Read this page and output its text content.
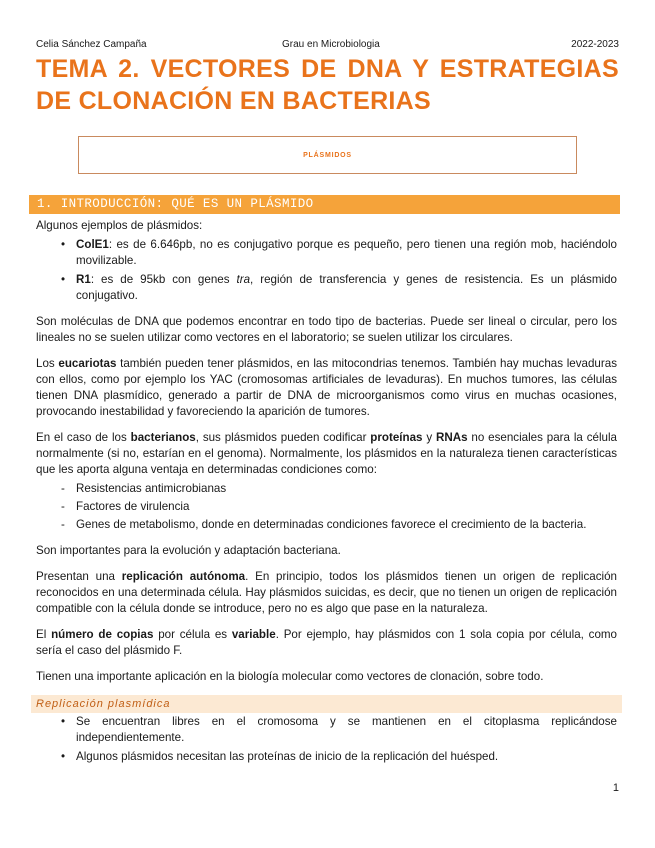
Celia Sánchez Campaña	Grau en Microbiologia	2022-2023
TEMA 2. VECTORES DE DNA Y ESTRATEGIAS DE CLONACIÓN EN BACTERIAS
PLÁSMIDOS
1. INTRODUCCIÓN: QUÉ ES UN PLÁSMIDO

Algunos ejemplos de plásmidos:

• ColE1: es de 6.646pb, no es conjugativo porque es pequeño, pero tienen una región mob, haciéndolo movilizable.
• R1: es de 95kb con genes tra, región de transferencia y genes de resistencia. Es un plásmido conjugativo.

Son moléculas de DNA que podemos encontrar en todo tipo de bacterias. Puede ser lineal o circular, pero los lineales no se suelen utilizar como vectores en el laboratorio; se suelen utilizar los circulares.

Los eucariotas también pueden tener plásmidos, en las mitocondrias tenemos. También hay muchas levaduras con ellos, como por ejemplo los YAC (cromosomas artificiales de levaduras). En muchos tumores, las células tienen DNA plasmídico, generado a partir de DNA de microorganismos como virus en muchas ocasiones, provocando inestabilidad y favoreciendo la aparición de tumores.

En el caso de los bacterianos, sus plásmidos pueden codificar proteínas y RNAs no esenciales para la célula normalmente (si no, estarían en el genoma). Normalmente, los plásmidos en la naturaleza tienen características que les aporta alguna ventaja en determinadas condiciones como:

- Resistencias antimicrobianas
- Factores de virulencia
- Genes de metabolismo, donde en determinadas condiciones favorece el crecimiento de la bacteria.

Son importantes para la evolución y adaptación bacteriana.

Presentan una replicación autónoma. En principio, todos los plásmidos tienen un origen de replicación reconocidos en una determinada célula. Hay plásmidos suicidas, es decir, que no tienen un origen de replicación compatible con la célula donde se introduce, pero no es algo que pase en la naturaleza.

El número de copias por célula es variable. Por ejemplo, hay plásmidos con 1 sola copia por célula, como sería el caso del plásmido F.

Tienen una importante aplicación en la biología molecular como vectores de clonación, sobre todo.

Replicación plasmídica
• Se encuentran libres en el cromosoma y se mantienen en el citoplasma replicándose independientemente.
• Algunos plásmidos necesitan las proteínas de inicio de la replicación del huésped.
1
